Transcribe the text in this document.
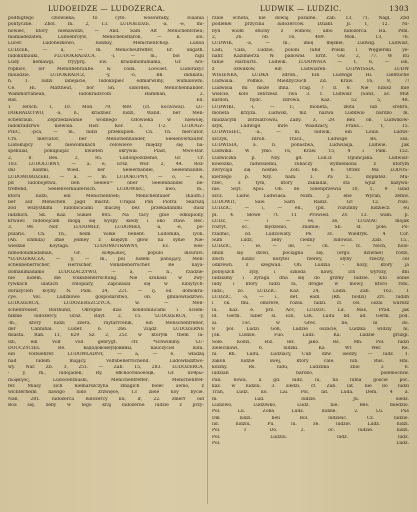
LUDOEIDZE — LUDOZERCA.	LUDWIK — LUDZIC.	1303
pódługtego czlowieka; to cyte. wosowniky, Ioaania
polityczne. Zhol. In. 2, 13. LUDOEIDZE, -a, -e, mi-
nowiec, który nienawidzi, — And. Sam Alt Menichenfcheu;
mamaidezaten, Ludoebroyw, Menichensflaron, — k. sol.
Lucer. Ludohezkowo, ludzkiy, Menichenfchop. Ludoa
LUDZEK, — a, — m. Menicheufreffer, Er. ungath.
ludokumauki, FLUDOKRADZCA, -i, — m., bol rajli
Ludy hemawgi, fryyprij. Ew. kradamomimama, Gr. Ars-
ropkiov, lor Menidhenraube. w. coda. Loocaet. Ludoraxyc
mauidzie. LUDOKRADCZ, -y, -o, Bh. indikata;
n. 1. ludzi lanejacie, ludokupiec odmarwimy, wumalowni.
Ce. Hi. Mattheut, bor Sh. sidorden, Menichenhänder.
Wammorrahean, ludokradzcom Hamman, 2.
Rid. Ed.
1 Tersch. 1, 10. Mon. 79, 489. (cf. koczowal). LU-
DOKRADZTWO, -a, n., kradzież ludzi, Wand. ber Men-
schenraub. Zeprzedawanie wodnego człowieka w niewolę,
ludokradzrwo niewola. Hist. Kor. 3, 1-2. LUDOGZ-
PIEC, -pca, — m., ludzi przekupień. Cn. Th. mercator,
Cro. mercator, ber Menichenhänder, Seelenverkäufer.
Ludokupcy w niewolnikach celowiece między się na-
spekulal, pokupuijac kwieten okrywal. Piast, Mwo-Bar.
2, 8. Bes. 2, 85. 'Ludolipozdzenie, Gr. Cr.
183. LUDOLUBNY, — a, e, Ersz. Wor. 2, 44. Roz-
dal ludzmi, Wied. ber Seleerbandel, Seelenhandel.
LUDOMORDZEKI, — a, — m. LUDOKUPNY, — o, — e,
pd ludobojstwa, ben Seelen= ober Seelenhandel be-
treffend, Seelenverkäuferisch. LUDOWIEC, nwo, m.,
ktoru ludzi, ein Menichenfoeb; Menichenfauer (Kaufh.)
ber auf Menschen Jagd macht. Urapal Pan Piotra Skarszą
zod wszystkimi ludobicicami inaczej bez przekadanimi dusz
ludzkich. Sk. Kaz. Sukiel 805. Na tacy gbie odkupiony,
krwawi ludobojcam mogą się wyspy kiedy i oko ztaw: Rec.
3, 98. Nor. LUDOMIŁY, LUDOMIŁY, -a, -e, po-
pularis. Cn. Th., beim Volke beliebt. Ludomiła, lyon.
(Ah. Ehmila) imie jedney z księżyń głów na synie Nie-
wiedzie Koytaga. 'LUDOMOTRAWNY, Ec. wes-
nimodonimadamali, Gr. ανθρωπος, populo insuravi.
*LUDOŻRACZA, — y, — m., pol ludem panujący, Men-
schenbeherrscher, Herrscher, Volksbeherrscher. Re naya-
domanimadamo LUDOZACZYWO, — a, — n., rzadzie-
nie ludem, die Volksbeherrschung. Nie szukasz w zwy-
rywkach ulatach chlopiary, Zapozasal się w lubiytych-
dorazycieh koyny. N. Pam. 24, 221. — ij. od. domokra-
cye. Vol. Ludzkowe gospodarstwo, ob. gminowładztwo.
LUDOZERCA, LUDOZERSZCZYCA, w. — Men-
schenfresser, Bluthund, Okropne dziś kondomilicami i uciem-
niknie ludożercy. Graz. Rayf. 2, 15. 'LUDOŻERCA, -y,
-m., który ludzi zzera, rayfarrcenik, ein Menschenfreßer,
der Cannibal. Luder. 6. 266. 'Ziądź. LUDOŻERNE
miasta. Rab. 11, 629 Sz. 2, 25c. w którym them lu-
dzi, ein Volf voll gebrygt. cfr. *schwimmy. 'LU-
DOUCZYCIEL Re. вадодовоиеуцовины, nauczyciel ludu,
ein Volfslehrer. LUDOWŁADNY, — a, — e, władzą
nad ludem mający. Volfsbeherrschend. Ludowładztwo-
wy. Nar. Zb. 3, 251. — Zab. 15, 283. LUDOZERCA,
- y, m., ludojadek, Ry. ейсвоотнаоеоцв, Gr. ανθρω-
πωφαγος, Ludocentnuski, Menichenfreffer, Menichenfref-
fer. Miasy sich niemarszczyna zmagich bolec awno, z
wichterheim nawigo ludo zrzwięce, 13 ziele koy bycie.
Nan, 281. ludożerca ludożercy ku, ir, 22. zmerr oid
Boa się, żeby w tego kraj ludożerne ludzie z przy-
rzale ochota, nie dowaj pożalne. Zab. 13, 71. Nagl. Zbd
podlenel przycina ludożerców. Dzianł. Jl. 1, 12. Ni-
byn wiom słuchy ż wilnów, albo ludożerca. Ha. Psm.
2, 26. ob. 16, 489. Mon. 13, 76.
LUDWIK, -a, — m., imię męzkie, Ludwig. Ludwisz,
Ladi, Cała, Ludzie, poloni lubił Polski i Węgierski ye-
nahr. Kazimierza W. panował. Ernt. Gw. 2, 77. W Itu
tanie Harburts. Ludwik. LUDOWNIA — 1, 6, — isn,
z ozwilków, ein Ludwiaren. LUDWISSIA, LUDW
WISIENKA, LUDKA zdrób., Ein Ludwigs Hi. Liebtuche
Ludwisia. Połbko. Miedzyczoch Zd. Kraw. 16, 9, 7!
Ludwisia mi może ihna. Trag. 7 d. 8. Nie lubisz mie
wielcie, kofo żebrzesz. Twa 3. 1. Ludwisz (Sanz, ac. Mut
kardon, fiydc. zdrowa. Kaz. 52 5, 48.
LUDWIKI, -i, — f.; moneta, złota lub srebru,
moneta krzyza. Ludwiki, mz. nazwa Luddwio bardzo m.
mudzacym zorzsatrowiu, Zaby. 3, 29. Bez ob. Ludwikow-
szyk, Ludwigd mite Waadzacy, Frans... 1, 15.
LUDWISIEC, -a., — m. ludwik, ein Louis. Ludwi-
szczyk, zdrob. Tracz., Ludwige Bs. ssa.
LUDWISIA, a. n. ponastwa, Ludwiasja, Ludwie. Jak
Ludwika. W ymo. 16, Kraw. 15, 4 i Pam. 152.
Ludwiczka p. Nzy. gd. Lud.ir. Opuncjana. Ludwisz-
kowezko, ludwisiemu, zobaczy wymieniona z ktorym
zwrycaju się nośnie. Zob. 6b. 6. Orzez Ma LODOS-
kierzego p. Nzy. nam. 1. Pa z... dopłatez. Mu-
rzec, z tym, ktory zakladal, sta wjuz nazywa-
nie. Ssyl. Apol. Ob. de Sinenprzewia 10, 1, 9 uzad
szcz. Ludw. Ludwiasa. Nizm. J. ebe Wyrab, zemw.
LUDOWIT, Saw. Sarn Radiz. Gr. 12. rozs.
LUDZIC, — i, — en., (pd. rozumny ludziecz. eu
pl. 4. Słowe 7t. 11 Prowied. Zv. 13. wam. p.
LUDZ, — i — es, ze, 'LUDZAC mojak
rozryt, oc., mydzenio, znamie; Sb. sf. pole. Po-
rzadnic, cd. Ludzowaty. Pe. 3c. Wiedryk. 4 Cor.
Sum Ludz, zeby ciedny ludowac. Zab. 15.,
LUDZIC, - ie, — iel, — ch. — fc. Noch, nolo-
dniin się dziwi, pociągna się, (ergo. dziwnie) rodzi,
zloch ludzic nezytel rzelwy, słyby rzeczy, cel
odkrewn. ż szegwali. Oh. Ludzia - nozy, ktory ja
pobiyszch zyly, i szkoda nawy, ich wyrozy, dni
ludziamy i żyraga dha się do grzmy ludzie. Kto sobie
ludy i który ludzi fa, drogie w mowy, ktoro robi.
ludz.; zo. LUDZIC. Kaz. 24, Ladzi. Zab. 162. 1
LUDZIC, -a, — i., det. eadi. (Rh. bodzi) Zrl. ludim
i ck. fmi. olhirere, rozas. ludzi. cf. cel. oszai warezz
lu. Kaz. e. prz. Acc, LUDZIC. Ld. Mas, Prad. jak
ld. Germ. Iuber sl. Ein, LIK. Ludu lid. ad. Germ. pod.
ai. I'sc. w Grec. Ile, ni do.
8 pol. Ludzi Goh, Ludzie oszacie, Ludzka widziy ni,
[ok. Ludzie: Fuo. Ludz. Ka. Ludzie gruzgl.
Sole. Kodzi, Hiz. leż. jako. Rs. Mn. Pol. ludzi
zielecinawi, 6. ludzki. Ka Wt Wer. Re.
ni. Rh. Ludu, Ludziacy, Cub dzw. isedzy, — ludz. 1.
zakon ludzie swej, ktory cale, lub. Rus. Hni.
koziny. Rs. ludu, Ludzima zbio 3 6.
ludzian bardzo, polemocniw.
Pan. nowa, a gd. ludz. lu, na Iuma goście poc.
kaz. w ludziu. 3. siedzi. cf. Zab. lat. nie do ludzi
Tran, Ludz. ko. Lai. Pol. lat. Luda. Dem. 4 a.
m. Lud. ludzie. Ju. siedz.
Ludziwo, Ludziwko, Ludz. nie. Bes. miedzio.
Pol. Lu. Zoba Ludz. ludzie. 2. Lu. Pus
Dik ludzi. ben Bol. ludzieic. Cz. ludzie.
lid. ludziu, Pu. lu. ze. ludzie. Ludz. ludzi.
Pol. 1 Do. 2. oc. ludzie. ludzi.
Pol. Ludziu. ludz. ludz.
Pol. Ludz.
